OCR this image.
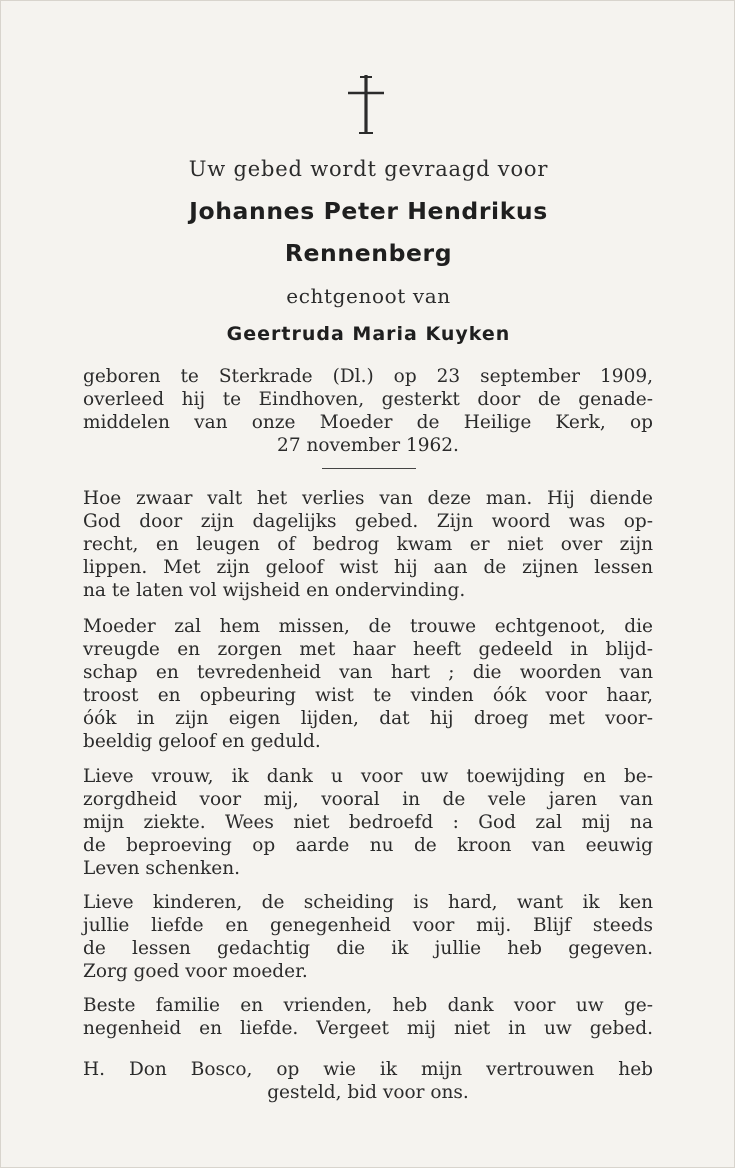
Uw gebed wordt gevraagd voor
Johannes Peter Hendrikus
Rennenberg
echtgenoot van
Geertruda Maria Kuyken
geboren te Sterkrade (Dl.) op 23 september 1909,
overleed hij te Eindhoven, gesterkt door de genade-
middelen van onze Moeder de Heilige Kerk, op
27 november 1962.
Hoe zwaar valt het verlies van deze man. Hij diende
God door zijn dagelijks gebed. Zijn woord was op-
recht, en leugen of bedrog kwam er niet over zijn
lippen. Met zijn geloof wist hij aan de zijnen lessen
na te laten vol wijsheid en ondervinding.
Moeder zal hem missen, de trouwe echtgenoot, die
vreugde en zorgen met haar heeft gedeeld in blijd-
schap en tevredenheid van hart ; die woorden van
troost en opbeuring wist te vinden óók voor haar,
óók in zijn eigen lijden, dat hij droeg met voor-
beeldig geloof en geduld.
Lieve vrouw, ik dank u voor uw toewijding en be-
zorgdheid voor mij, vooral in de vele jaren van
mijn ziekte. Wees niet bedroefd : God zal mij na
de beproeving op aarde nu de kroon van eeuwig
Leven schenken.
Lieve kinderen, de scheiding is hard, want ik ken
jullie liefde en genegenheid voor mij. Blijf steeds
de lessen gedachtig die ik jullie heb gegeven.
Zorg goed voor moeder.
Beste familie en vrienden, heb dank voor uw ge-
negenheid en liefde. Vergeet mij niet in uw gebed.
H. Don Bosco, op wie ik mijn vertrouwen heb
gesteld, bid voor ons.
